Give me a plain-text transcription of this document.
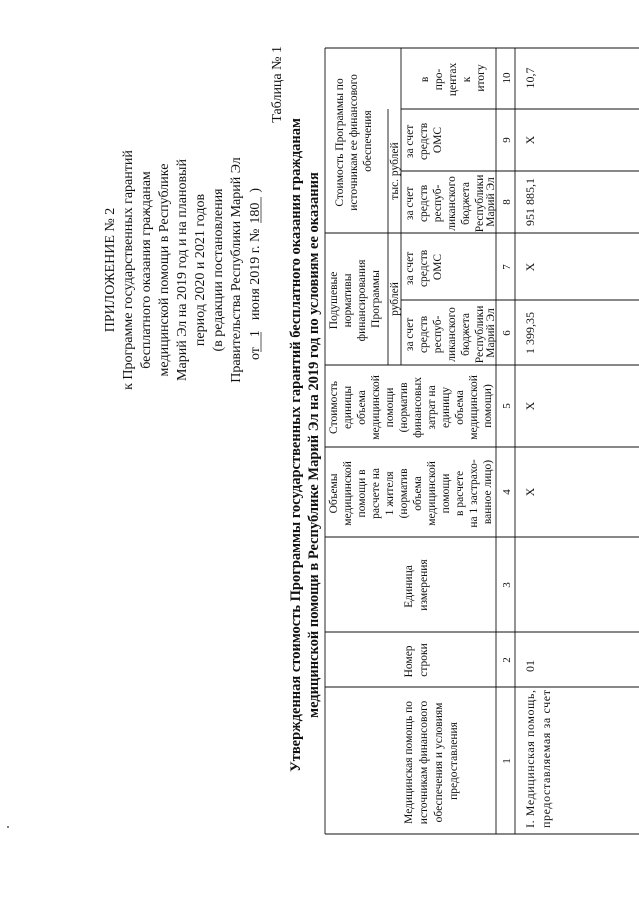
ПРИЛОЖЕНИЕ № 2 к Программе государственных гарантий бесплатного оказания гражданам медицинской помощи в Республике Марий Эл на 2019 год и на плановый период 2020 и 2021 годов (в редакции постановления Правительства Республики Марий Эл от1июня 2019 г. №180)
Таблица № 1
Утвержденная стоимость Программы государственных гарантий бесплатного оказания гражданам медицинской помощи в Республике Марий Эл на 2019 год по условиям ее оказания
Медицинская помощь по источникам финансового обеспечения и условиям предоставления
Номер строки
Единица измерения
Объемы медицинской помощи в расчете на 1 жителя (норматив объема медицинской помощи в расчете на 1 застрахо- ванное лицо)
Стоимость единицы объема медицинской помощи (норматив финансовых затрат на единицу объема медицинской помощи)
Подушевые нормативы финансирования Программы рублей
за счет средств респуб- ликанского бюджета Республики Марий Эл
за счет средств ОМС
Стоимость Программы по источникам ее финансового обеспечения тыс. рублей
за счет средств респуб- ликанского бюджета Республики Марий Эл
за счет средств ОМС
в про- центах к итогу
1
2
3
4
5
6
7
8
9
10
I. Медицинская помощь,
предоставляемая за счет
01
Х
Х
1 399,35
Х
951 885,1
Х
10,7
